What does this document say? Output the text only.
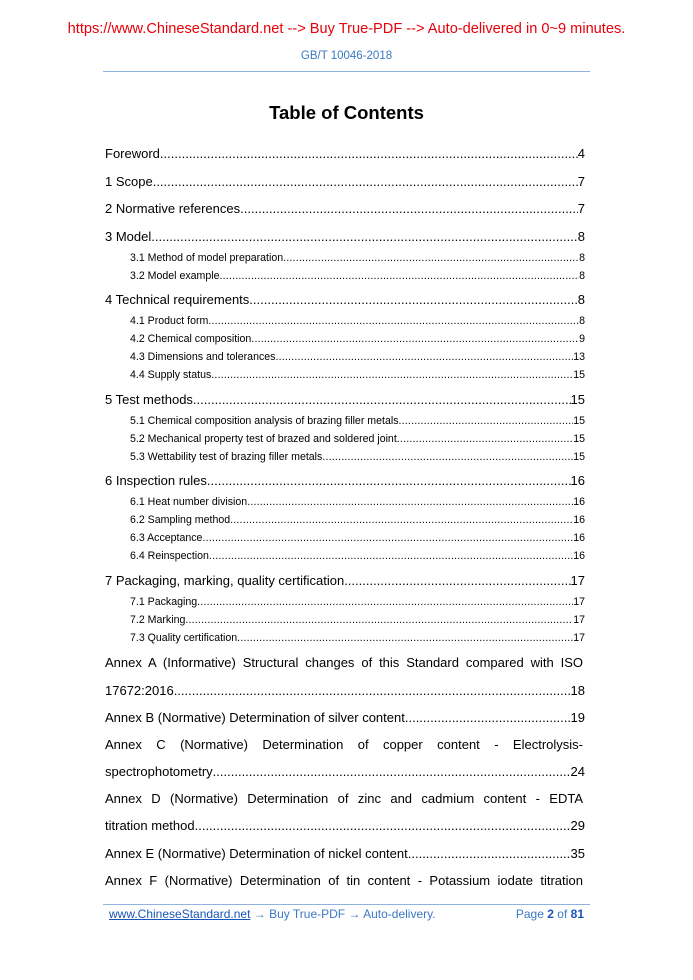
https://www.ChineseStandard.net --> Buy True-PDF --> Auto-delivered in 0~9 minutes.
GB/T 10046-2018
Table of Contents
Foreword .....	4
1 Scope .....	7
2 Normative references .....	7
3 Model .....	8
3.1 Method of model preparation .....	8
3.2 Model example .....	8
4 Technical requirements .....	8
4.1 Product form .....	8
4.2 Chemical composition .....	9
4.3 Dimensions and tolerances .....	13
4.4 Supply status .....	15
5 Test methods .....	15
5.1 Chemical composition analysis of brazing filler metals .....	15
5.2 Mechanical property test of brazed and soldered joint .....	15
5.3 Wettability test of brazing filler metals .....	15
6 Inspection rules .....	16
6.1 Heat number division .....	16
6.2 Sampling method .....	16
6.3 Acceptance .....	16
6.4 Reinspection .....	16
7 Packaging, marking, quality certification .....	17
7.1 Packaging .....	17
7.2 Marking .....	17
7.3 Quality certification .....	17
Annex A (Informative) Structural changes of this Standard compared with ISO
17672:2016 .....	18
Annex B (Normative) Determination of silver content .....	19
Annex C (Normative) Determination of copper content - Electrolysis-
spectrophotometry .....	24
Annex D (Normative) Determination of zinc and cadmium content - EDTA
titration method .....	29
Annex E (Normative) Determination of nickel content .....	35
Annex F (Normative) Determination of tin content - Potassium iodate titration
www.ChineseStandard.net → Buy True-PDF → Auto-delivery.	Page 2 of 81
